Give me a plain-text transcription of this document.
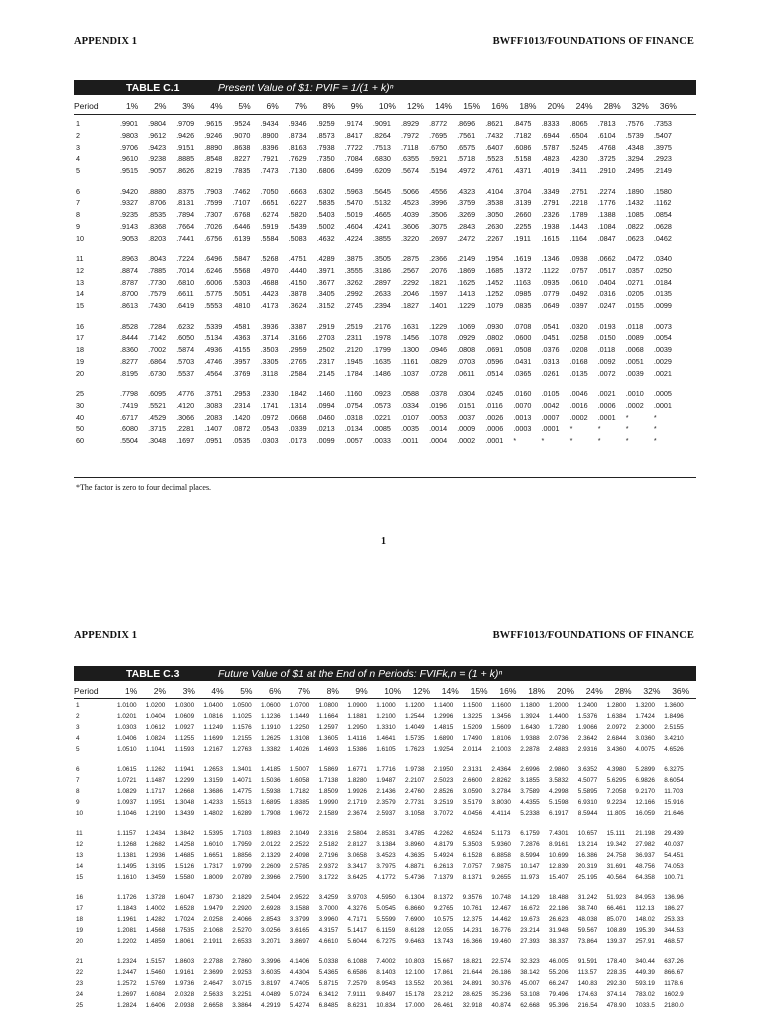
APPENDIX 1	BWFF1013/FOUNDATIONS OF FINANCE
TABLE C.1	Present Value of $1: PVIF = 1/(1 + k)ⁿ
Period	1% 2% 3% 4% 5% 6% 7% 8% 9% 10% 12% 14% 15% 16% 18% 20% 24% 28% 32% 36%
1	.9901 .9804 .9709 .9615 .9524 .9434 .9346 .9259 .9174 .9091 .8929 .8772 .8696 .8621 .8475 .8333 .8065 .7813 .7576 .7353
2	.9803 .9612 .9426 .9246 .9070 .8900 .8734 .8573 .8417 .8264 .7972 .7695 .7561 .7432 .7182 .6944 .6504 .6104 .5739 .5407
3	.9706 .9423 .9151 .8890 .8638 .8396 .8163 .7938 .7722 .7513 .7118 .6750 .6575 .6407 .6086 .5787 .5245 .4768 .4348 .3975
4	.9610 .9238 .8885 .8548 .8227 .7921 .7629 .7350 .7084 .6830 .6355 .5921 .5718 .5523 .5158 .4823 .4230 .3725 .3294 .2923
5	.9515 .9057 .8626 .8219 .7835 .7473 .7130 .6806 .6499 .6209 .5674 .5194 .4972 .4761 .4371 .4019 .3411 .2910 .2495 .2149
6	.9420 .8880 .8375 .7903 .7462 .7050 .6663 .6302 .5963 .5645 .5066 .4556 .4323 .4104 .3704 .3349 .2751 .2274 .1890 .1580
7	.9327 .8706 .8131 .7599 .7107 .6651 .6227 .5835 .5470 .5132 .4523 .3996 .3759 .3538 .3139 .2791 .2218 .1776 .1432 .1162
8	.9235 .8535 .7894 .7307 .6768 .6274 .5820 .5403 .5019 .4665 .4039 .3506 .3269 .3050 .2660 .2326 .1789 .1388 .1085 .0854
9	.9143 .8368 .7664 .7026 .6446 .5919 .5439 .5002 .4604 .4241 .3606 .3075 .2843 .2630 .2255 .1938 .1443 .1084 .0822 .0628
10	.9053 .8203 .7441 .6756 .6139 .5584 .5083 .4632 .4224 .3855 .3220 .2697 .2472 .2267 .1911 .1615 .1164 .0847 .0623 .0462
11	.8963 .8043 .7224 .6496 .5847 .5268 .4751 .4289 .3875 .3505 .2875 .2366 .2149 .1954 .1619 .1346 .0938 .0662 .0472 .0340
12	.8874 .7885 .7014 .6246 .5568 .4970 .4440 .3971 .3555 .3186 .2567 .2076 .1869 .1685 .1372 .1122 .0757 .0517 .0357 .0250
13	.8787 .7730 .6810 .6006 .5303 .4688 .4150 .3677 .3262 .2897 .2292 .1821 .1625 .1452 .1163 .0935 .0610 .0404 .0271 .0184
14	.8700 .7579 .6611 .5775 .5051 .4423 .3878 .3405 .2992 .2633 .2046 .1597 .1413 .1252 .0985 .0779 .0492 .0316 .0205 .0135
15	.8613 .7430 .6419 .5553 .4810 .4173 .3624 .3152 .2745 .2394 .1827 .1401 .1229 .1079 .0835 .0649 .0397 .0247 .0155 .0099
16	.8528 .7284 .6232 .5339 .4581 .3936 .3387 .2919 .2519 .2176 .1631 .1229 .1069 .0930 .0708 .0541 .0320 .0193 .0118 .0073
17	.8444 .7142 .6050 .5134 .4363 .3714 .3166 .2703 .2311 .1978 .1456 .1078 .0929 .0802 .0600 .0451 .0258 .0150 .0089 .0054
18	.8360 .7002 .5874 .4936 .4155 .3503 .2959 .2502 .2120 .1799 .1300 .0946 .0808 .0691 .0508 .0376 .0208 .0118 .0068 .0039
19	.8277 .6864 .5703 .4746 .3957 .3305 .2765 .2317 .1945 .1635 .1161 .0829 .0703 .0596 .0431 .0313 .0168 .0092 .0051 .0029
20	.8195 .6730 .5537 .4564 .3769 .3118 .2584 .2145 .1784 .1486 .1037 .0728 .0611 .0514 .0365 .0261 .0135 .0072 .0039 .0021
25	.7798 .6095 .4776 .3751 .2953 .2330 .1842 .1460 .1160 .0923 .0588 .0378 .0304 .0245 .0160 .0105 .0046 .0021 .0010 .0005
30	.7419 .5521 .4120 .3083 .2314 .1741 .1314 .0994 .0754 .0573 .0334 .0196 .0151 .0116 .0070 .0042 .0016 .0006 .0002 .0001
40	.6717 .4529 .3066 .2083 .1420 .0972 .0668 .0460 .0318 .0221 .0107 .0053 .0037 .0026 .0013 .0007 .0002 .0001 *	*
50	.6080 .3715 .2281 .1407 .0872 .0543 .0339 .0213 .0134 .0085 .0035 .0014 .0009 .0006 .0003 .0001 *	*	*	*
60	.5504 .3048 .1697 .0951 .0535 .0303 .0173 .0099 .0057 .0033 .0011 .0004 .0002 .0001 *	*	*	*	*	*
*The factor is zero to four decimal places.
1
APPENDIX 1	BWFF1013/FOUNDATIONS OF FINANCE
TABLE C.3	Future Value of $1 at the End of n Periods: FVIFk,n = (1 + k)ⁿ
Period	1% 2% 3% 4% 5% 6% 7% 8% 9% 10% 12% 14% 15% 16% 18% 20% 24% 28% 32% 36%
1	1.0100 1.0200 1.0300 1.0400 1.0500 1.0600 1.0700 1.0800 1.0900 1.1000 1.1200 1.1400 1.1500 1.1600 1.1800 1.2000 1.2400 1.2800 1.3200 1.3600
2	1.0201 1.0404 1.0609 1.0816 1.1025 1.1236 1.1449 1.1664 1.1881 1.2100 1.2544 1.2996 1.3225 1.3456 1.3924 1.4400 1.5376 1.6384 1.7424 1.8496
3	1.0303 1.0612 1.0927 1.1249 1.1576 1.1910 1.2250 1.2597 1.2950 1.3310 1.4049 1.4815 1.5209 1.5609 1.6430 1.7280 1.9066 2.0972 2.3000 2.5155
4	1.0406 1.0824 1.1255 1.1699 1.2155 1.2625 1.3108 1.3605 1.4116 1.4641 1.5735 1.6890 1.7490 1.8106 1.9388 2.0736 2.3642 2.6844 3.0360 3.4210
5	1.0510 1.1041 1.1593 1.2167 1.2763 1.3382 1.4026 1.4693 1.5386 1.6105 1.7623 1.9254 2.0114 2.1003 2.2878 2.4883 2.9316 3.4360 4.0075 4.6526
6	1.0615 1.1262 1.1941 1.2653 1.3401 1.4185 1.5007 1.5869 1.6771 1.7716 1.9738 2.1950 2.3131 2.4364 2.6996 2.9860 3.6352 4.3980 5.2899 6.3275
7	1.0721 1.1487 1.2299 1.3159 1.4071 1.5036 1.6058 1.7138 1.8280 1.9487 2.2107 2.5023 2.6600 2.8262 3.1855 3.5832 4.5077 5.6295 6.9826 8.6054
8	1.0829 1.1717 1.2668 1.3686 1.4775 1.5938 1.7182 1.8509 1.9926 2.1436 2.4760 2.8526 3.0590 3.2784 3.7589 4.2998 5.5895 7.2058 9.2170 11.703
9	1.0937 1.1951 1.3048 1.4233 1.5513 1.6895 1.8385 1.9990 2.1719 2.3579 2.7731 3.2519 3.5179 3.8030 4.4355 5.1598 6.9310 9.2234 12.166 15.916
10	1.1046 1.2190 1.3439 1.4802 1.6289 1.7908 1.9672 2.1589 2.3674 2.5937 3.1058 3.7072 4.0456 4.4114 5.2338 6.1917 8.5944 11.805 16.059 21.646
11	1.1157 1.2434 1.3842 1.5395 1.7103 1.8983 2.1049 2.3316 2.5804 2.8531 3.4785 4.2262 4.6524 5.1173 6.1759 7.4301 10.657 15.111 21.198 29.439
12	1.1268 1.2682 1.4258 1.6010 1.7959 2.0122 2.2522 2.5182 2.8127 3.1384 3.8960 4.8179 5.3503 5.9360 7.2876 8.9161 13.214 19.342 27.982 40.037
13	1.1381 1.2936 1.4685 1.6651 1.8856 2.1329 2.4098 2.7196 3.0658 3.4523 4.3635 5.4924 6.1528 6.8858 8.5994 10.699 16.386 24.758 36.937 54.451
14	1.1495 1.3195 1.5126 1.7317 1.9799 2.2609 2.5785 2.9372 3.3417 3.7975 4.8871 6.2613 7.0757 7.9875 10.147 12.839 20.319 31.691 48.756 74.053
15	1.1610 1.3459 1.5580 1.8009 2.0789 2.3966 2.7590 3.1722 3.6425 4.1772 5.4736 7.1379 8.1371 9.2655 11.973 15.407 25.195 40.564 64.358 100.71
16	1.1726 1.3728 1.6047 1.8730 2.1829 2.5404 2.9522 3.4259 3.9703 4.5950 6.1304 8.1372 9.3576 10.748 14.129 18.488 31.242 51.923 84.953 136.96
17	1.1843 1.4002 1.6528 1.9479 2.2920 2.6928 3.1588 3.7000 4.3276 5.0545 6.8660 9.2765 10.761 12.467 16.672 22.186 38.740 66.461 112.13 186.27
18	1.1961 1.4282 1.7024 2.0258 2.4066 2.8543 3.3799 3.9960 4.7171 5.5599 7.6900 10.575 12.375 14.462 19.673 26.623 48.038 85.070 148.02 253.33
19	1.2081 1.4568 1.7535 2.1068 2.5270 3.0256 3.6165 4.3157 5.1417 6.1159 8.6128 12.055 14.231 16.776 23.214 31.948 59.567 108.89 195.39 344.53
20	1.2202 1.4859 1.8061 2.1911 2.6533 3.2071 3.8697 4.6610 5.6044 6.7275 9.6463 13.743 16.366 19.460 27.393 38.337 73.864 139.37 257.91 468.57
21	1.2324 1.5157 1.8603 2.2788 2.7860 3.3996 4.1406 5.0338 6.1088 7.4002 10.803 15.667 18.821 22.574 32.323 46.005 91.591 178.40 340.44 637.26
22	1.2447 1.5460 1.9161 2.3699 2.9253 3.6035 4.4304 5.4365 6.6586 8.1403 12.100 17.861 21.644 26.186 38.142 55.206 113.57 228.35 449.39 866.67
23	1.2572 1.5769 1.9736 2.4647 3.0715 3.8197 4.7405 5.8715 7.2579 8.9543 13.552 20.361 24.891 30.376 45.007 66.247 140.83 292.30 593.19 1178.6
24	1.2697 1.6084 2.0328 2.5633 3.2251 4.0489 5.0724 6.3412 7.9111 9.8497 15.178 23.212 28.625 35.236 53.108 79.496 174.63 374.14 783.02 1602.9
25	1.2824 1.6406 2.0938 2.6658 3.3864 4.2919 5.4274 6.8485 8.6231 10.834 17.000 26.461 32.918 40.874 62.668 95.396 216.54 478.90 1033.5 2180.0
